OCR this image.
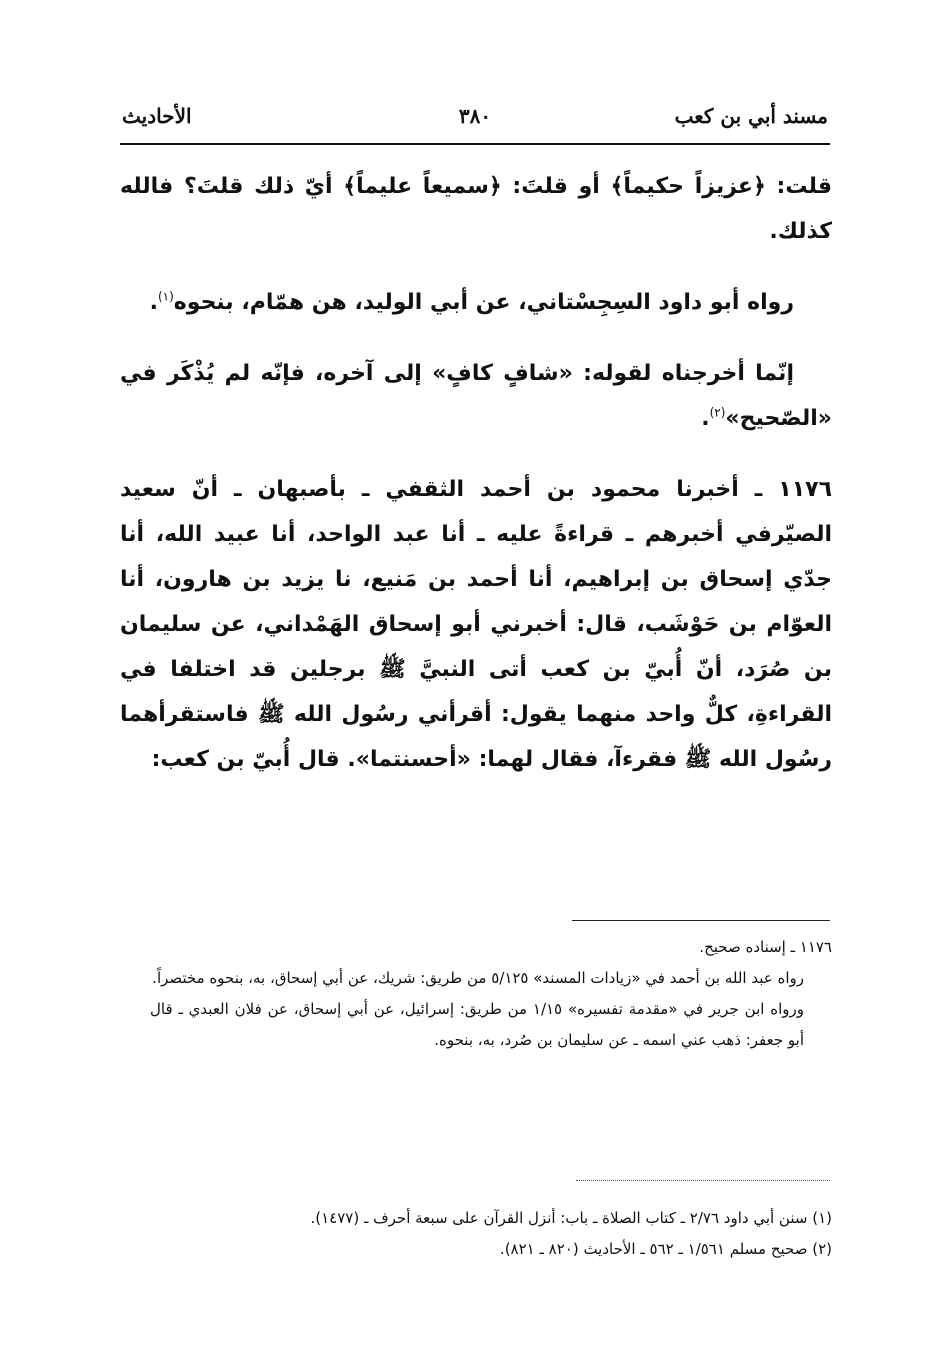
مسند أبي بن كعب
٣٨٠
الأحاديث

قلت: ﴿عزيزاً حكيماً﴾ أو قلتَ: ﴿سميعاً عليماً﴾ أيّ ذلك قلتَ؟ فالله كذلك.

رواه أبو داود السِجِسْتاني، عن أبي الوليد، هن همّام، بنحوه$^{(١)}$.

إنّما أخرجناه لقوله: «شافٍ كافٍ» إلى آخره، فإنّه لم يُذْكَر في «الصّحيح»$^{(٢)}$.

١١٧٦ ـ أخبرنا محمود بن أحمد الثقفي ـ بأصبهان ـ أنّ سعيد الصيّرفي أخبرهم ـ قراءةً عليه ـ أنا عبد الواحد، أنا عبيد الله، أنا جدّي إسحاق بن إبراهيم، أنا أحمد بن مَنيع، نا يزيد بن هارون، أنا العوّام بن حَوْشَب، قال: أخبرني أبو إسحاق الهَمْداني، عن سليمان بن صُرَد، أنّ أُبيّ بن كعب أتى النبيَّ ﷺ برجلين قد اختلفا في القراءةِ، كلٌّ واحد منهما يقول: أقرأني رسُول الله ﷺ فاستقرأهما رسُول الله ﷺ فقرءآ، فقال لهما: «أحسنتما». قال أُبيّ بن كعب:

١١٧٦ ـ إسناده صحيح.

رواه عبد الله بن أحمد في «زيادات المسند» ٥/١٢٥ من طريق: شريك، عن أبي إسحاق، به، بنحوه مختصراً.

ورواه ابن جرير في «مقدمة تفسيره» ١/١٥ من طريق: إسرائيل، عن أبي إسحاق، عن فلان العبدي ـ قال أبو جعفر: ذهب عني اسمه ـ عن سليمان بن صُرد، به، بنحوه.

(١) سنن أبي داود ٢/٧٦ ـ كتاب الصلاة ـ باب: أنزل القرآن على سبعة أحرف ـ (١٤٧٧).

(٢) صحيح مسلم ١/٥٦١ ـ ٥٦٢ ـ الأحاديث (٨٢٠ ـ ٨٢١).
